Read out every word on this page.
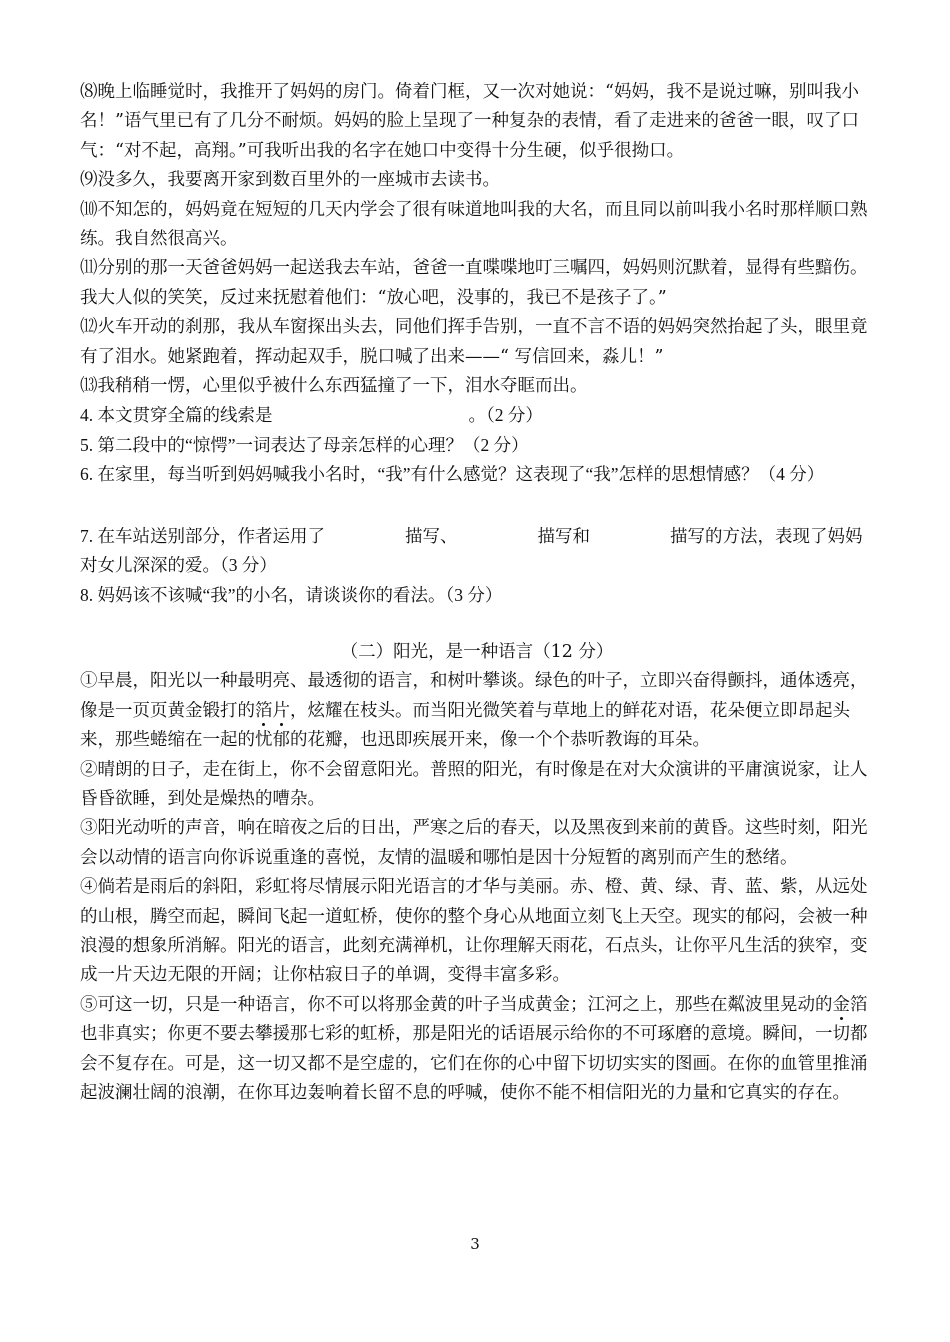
⑻晚上临睡觉时，我推开了妈妈的房门。倚着门框，又一次对她说：“妈妈，我不是说过嘛，别叫我小名！”语气里已有了几分不耐烦。妈妈的脸上呈现了一种复杂的表情，看了走进来的爸爸一眼，叹了口气：“对不起，高翔。”可我听出我的名字在她口中变得十分生硬，似乎很拗口。

⑼没多久，我要离开家到数百里外的一座城市去读书。

⑽不知怎的，妈妈竟在短短的几天内学会了很有味道地叫我的大名，而且同以前叫我小名时那样顺口熟练。我自然很高兴。

⑾分别的那一天爸爸妈妈一起送我去车站，爸爸一直喋喋地叮三嘱四，妈妈则沉默着，显得有些黯伤。我大人似的笑笑，反过来抚慰着他们：“放心吧，没事的，我已不是孩子了。”

⑿火车开动的刹那，我从车窗探出头去，同他们挥手告别，一直不言不语的妈妈突然抬起了头，眼里竟有了泪水。她紧跑着，挥动起双手，脱口喊了出来——“ 写信回来，淼儿！”

⒀我稍稍一愣，心里似乎被什么东西猛撞了一下，泪水夺眶而出。

4. 本文贯穿全篇的线索是	。（2 分）

5. 第二段中的“惊愕”一词表达了母亲怎样的心理？（2 分）

6. 在家里，每当听到妈妈喊我小名时，“我”有什么感觉？这表现了“我”怎样的思想情感？（4 分）

7. 在车站送别部分，作者运用了	描写、	描写和	描写的方法，表现了妈妈对女儿深深的爱。（3 分）

8. 妈妈该不该喊“我”的小名，请谈谈你的看法。（3 分）

（二）阳光，是一种语言（12 分）

①早晨，阳光以一种最明亮、最透彻的语言，和树叶攀谈。绿色的叶子，立即兴奋得颤抖，通体透亮，像是一页页黄金锻打的箔片，炫耀在枝头。而当阳光微笑着与草地上的鲜花对语，花朵便立即昂起头来，那些蜷缩在一起的忧郁的花瓣，也迅即疾展开来，像一个个恭听教诲的耳朵。

②晴朗的日子，走在街上，你不会留意阳光。普照的阳光，有时像是在对大众演讲的平庸演说家，让人昏昏欲睡，到处是燥热的嘈杂。

③阳光动听的声音，响在暗夜之后的日出，严寒之后的春天，以及黑夜到来前的黄昏。这些时刻，阳光会以动情的语言向你诉说重逢的喜悦，友情的温暖和哪怕是因十分短暂的离别而产生的愁绪。

④倘若是雨后的斜阳，彩虹将尽情展示阳光语言的才华与美丽。赤、橙、黄、绿、青、蓝、紫，从远处的山根，腾空而起，瞬间飞起一道虹桥，使你的整个身心从地面立刻飞上天空。现实的郁闷，会被一种浪漫的想象所消解。阳光的语言，此刻充满禅机，让你理解天雨花，石点头，让你平凡生活的狭窄，变成一片天边无限的开阔；让你枯寂日子的单调，变得丰富多彩。

⑤可这一切，只是一种语言，你不可以将那金黄的叶子当成黄金；江河之上，那些在粼波里晃动的金箔也非真实；你更不要去攀援那七彩的虹桥，那是阳光的话语展示给你的不可琢磨的意境。瞬间，一切都会不复存在。可是，这一切又都不是空虚的，它们在你的心中留下切切实实的图画。在你的血管里推涌起波澜壮阔的浪潮，在你耳边轰响着长留不息的呼喊，使你不能不相信阳光的力量和它真实的存在。

3
